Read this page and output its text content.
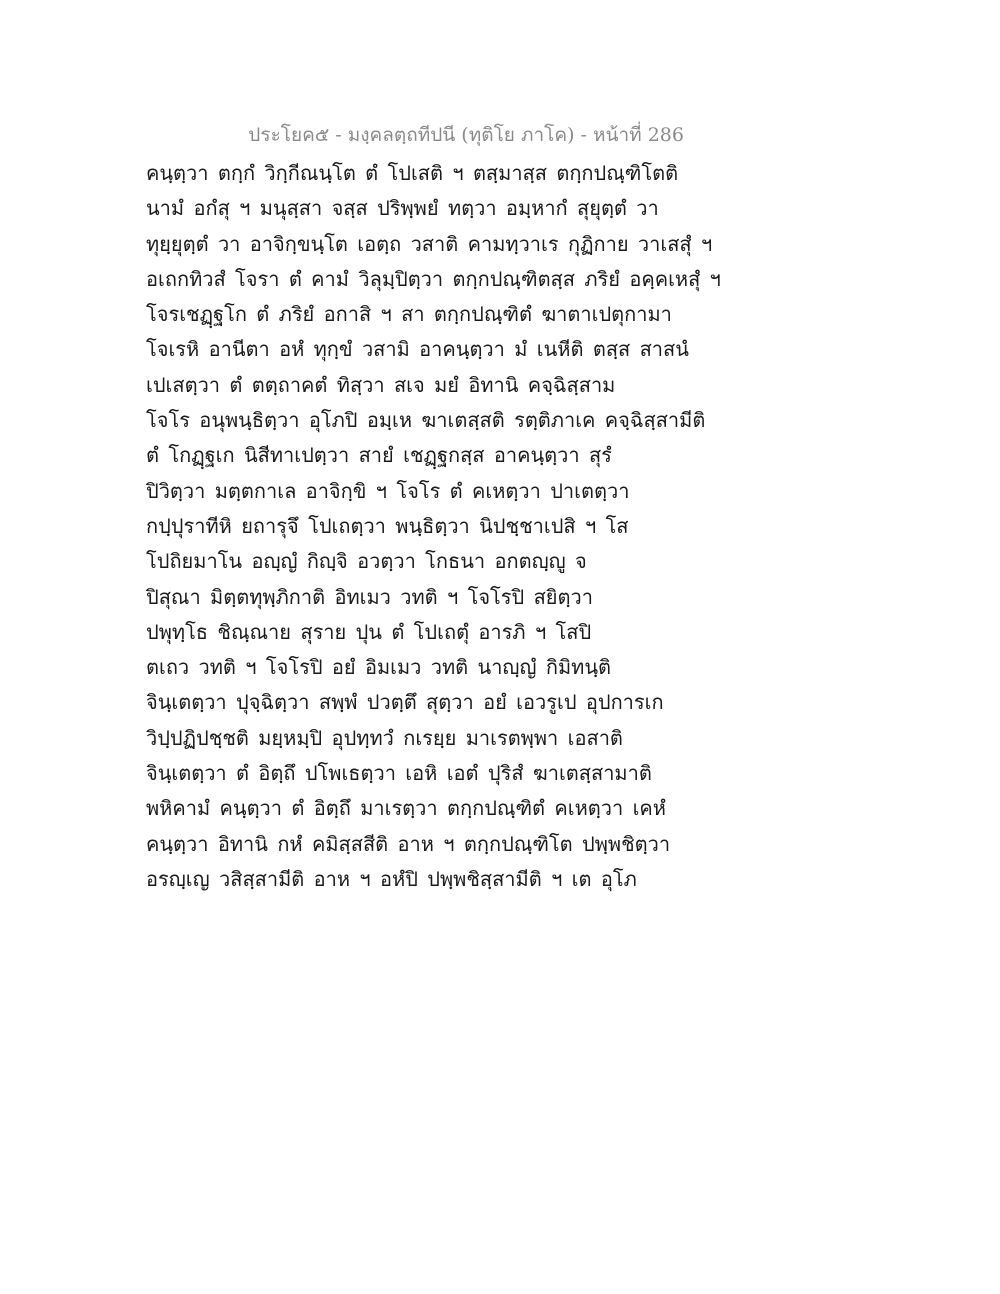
ประโยค๕ - มงฺคลตฺถทีปนี (ทุติโย ภาโค) - หน้าที่ 286
คนฺตฺวา ตกฺกํ วิกฺกีณนฺโต ตํ โปเสติ ฯ ตสฺมาสฺส ตกฺกปณฺฑิโตติ
นามํ อกํสุ ฯ มนุสฺสา จสฺส ปริพฺพยํ ทตฺวา อมฺหากํ สุยุตฺตํ วา
ทุยฺยุตฺตํ วา อาจิกฺขนฺโต เอตฺถ วสาติ คามทฺวาเร กุฏิกาย วาเสสุํ ฯ
อเถกทิวสํ โจรา ตํ คามํ วิลุมฺปิตฺวา ตกฺกปณฺฑิตสฺส ภริยํ อคฺคเหสุํ ฯ
โจรเชฏฺฐโก ตํ ภริยํ อกาสิ ฯ สา ตกฺกปณฺฑิตํ ฆาตาเปตุกามา
โจเรหิ อานีตา อหํ ทุกฺขํ วสามิ อาคนฺตฺวา มํ เนหีติ ตสฺส สาสนํ
เปเสตฺวา ตํ ตตฺถาคตํ ทิสฺวา สเจ มยํ อิทานิ คจฺฉิสฺสาม
โจโร อนุพนฺธิตฺวา อุโภปิ อมฺเห ฆาเตสฺสติ รตฺติภาเค คจฺฉิสฺสามีติ
ตํ โกฏฺฐเก นิสีทาเปตฺวา สายํ เชฏฺฐกสฺส อาคนฺตฺวา สุรํ
ปิวิตฺวา มตฺตกาเล อาจิกฺขิ ฯ โจโร ตํ คเหตฺวา ปาเตตฺวา
กปฺปุราทีหิ ยถารุจึ โปเถตฺวา พนฺธิตฺวา นิปชฺชาเปสิ ฯ โส
โปถิยมาโน อญฺญํ กิญฺจิ อวตฺวา โกธนา อกตญฺญู จ
ปิสุณา มิตฺตทุพฺภิกาติ อิทเมว วทติ ฯ โจโรปิ สยิตฺวา
ปพุทฺโธ ชิณฺณาย สุราย ปุน ตํ โปเถตุํ อารภิ ฯ โสปิ
ตเถว วทติ ฯ โจโรปิ อยํ อิมเมว วทติ นาญฺญํ กิมิทนฺติ
จินฺเตตฺวา ปุจฺฉิตฺวา สพฺพํ ปวตฺตึ สุตฺวา อยํ เอวรูเป อุปการเก
วิปฺปฏิปชฺชติ มยฺหมฺปิ อุปทฺทวํ กเรยฺย มาเรตพฺพา เอสาติ
จินฺเตตฺวา ตํ อิตฺถึ ปโพเธตฺวา เอหิ เอตํ ปุริสํ ฆาเตสฺสามาติ
พหิคามํ คนฺตฺวา ตํ อิตฺถึ มาเรตฺวา ตกฺกปณฺฑิตํ คเหตฺวา เคหํ
คนฺตฺวา อิทานิ กหํ คมิสฺสสีติ อาห ฯ ตกฺกปณฺฑิโต ปพฺพชิตฺวา
อรญฺเญ วสิสฺสามีติ อาห ฯ อหํปิ ปพฺพชิสฺสามีติ ฯ เต อุโภ
